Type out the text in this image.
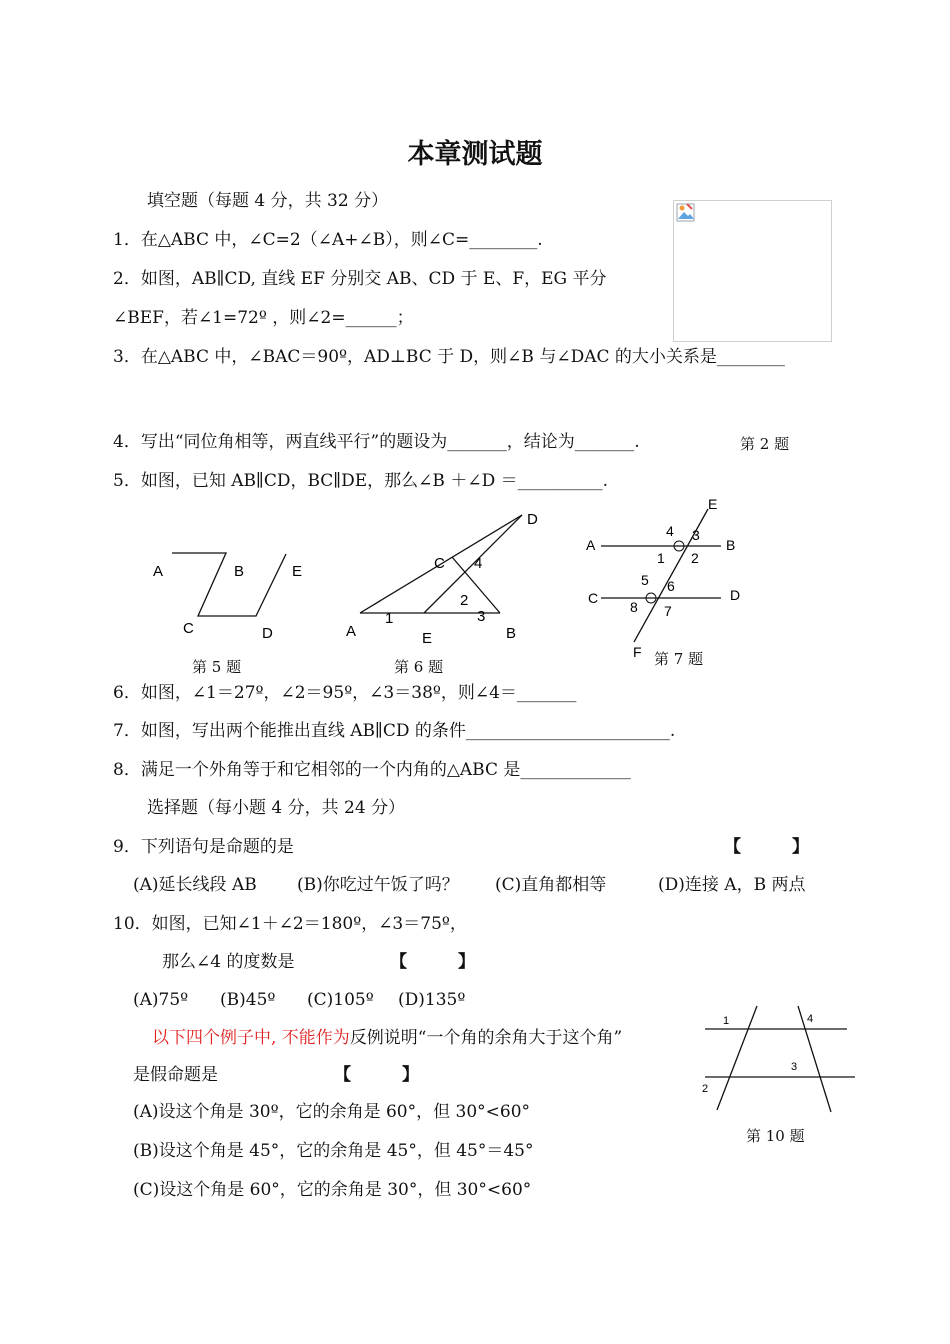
本章测试题
填空题（每题 4 分，共 32 分）
1．在△ABC 中，∠C=2（∠A+∠B），则∠C=________.
2．如图，AB∥CD, 直线 EF 分别交 AB、CD 于 E、F，EG 平分
∠BEF，若∠1=72º ，则∠2=______；
3．在△ABC 中，∠BAC＝90º，AD⊥BC 于 D，则∠B 与∠DAC 的大小关系是________
4．写出“同位角相等，两直线平行”的题设为_______，结论为_______.	第 2 题
5．如图，已知 AB∥CD，BC∥DE，那么∠B ＋∠D ＝__________.
A	B	E
C	D
第 5 题
D
C 4
2
3
1
A	E	B
第 6 题
E
A	B
4 3
1 2
C	D
5 6
8 7
F 第 7 题
6．如图，∠1＝27º，∠2＝95º，∠3＝38º，则∠4＝_______
7．如图，写出两个能推出直线 AB∥CD 的条件________________________.
8．满足一个外角等于和它相邻的一个内角的△ABC 是_____________
选择题（每小题 4 分，共 24 分）
9．下列语句是命题的是	【　　　】
(A)延长线段 AB (B)你吃过午饭了吗？ (C)直角都相等	(D)连接 A，B 两点
10．如图，已知∠1＋∠2＝180º，∠3＝75º，
那么∠4 的度数是	【　　　】
(A)75º (B)45º (C)105º (D)135º
以下四个例子中, 不能作为反例说明“一个角的余角大于这个角”
是假命题是	【　　　】
(A)设这个角是 30º，它的余角是 60°，但 30°<60°
(B)设这个角是 45°，它的余角是 45°，但 45°＝45°
(C)设这个角是 60°，它的余角是 30°，但 30°<60°
1	4
3
2
第 10 题
